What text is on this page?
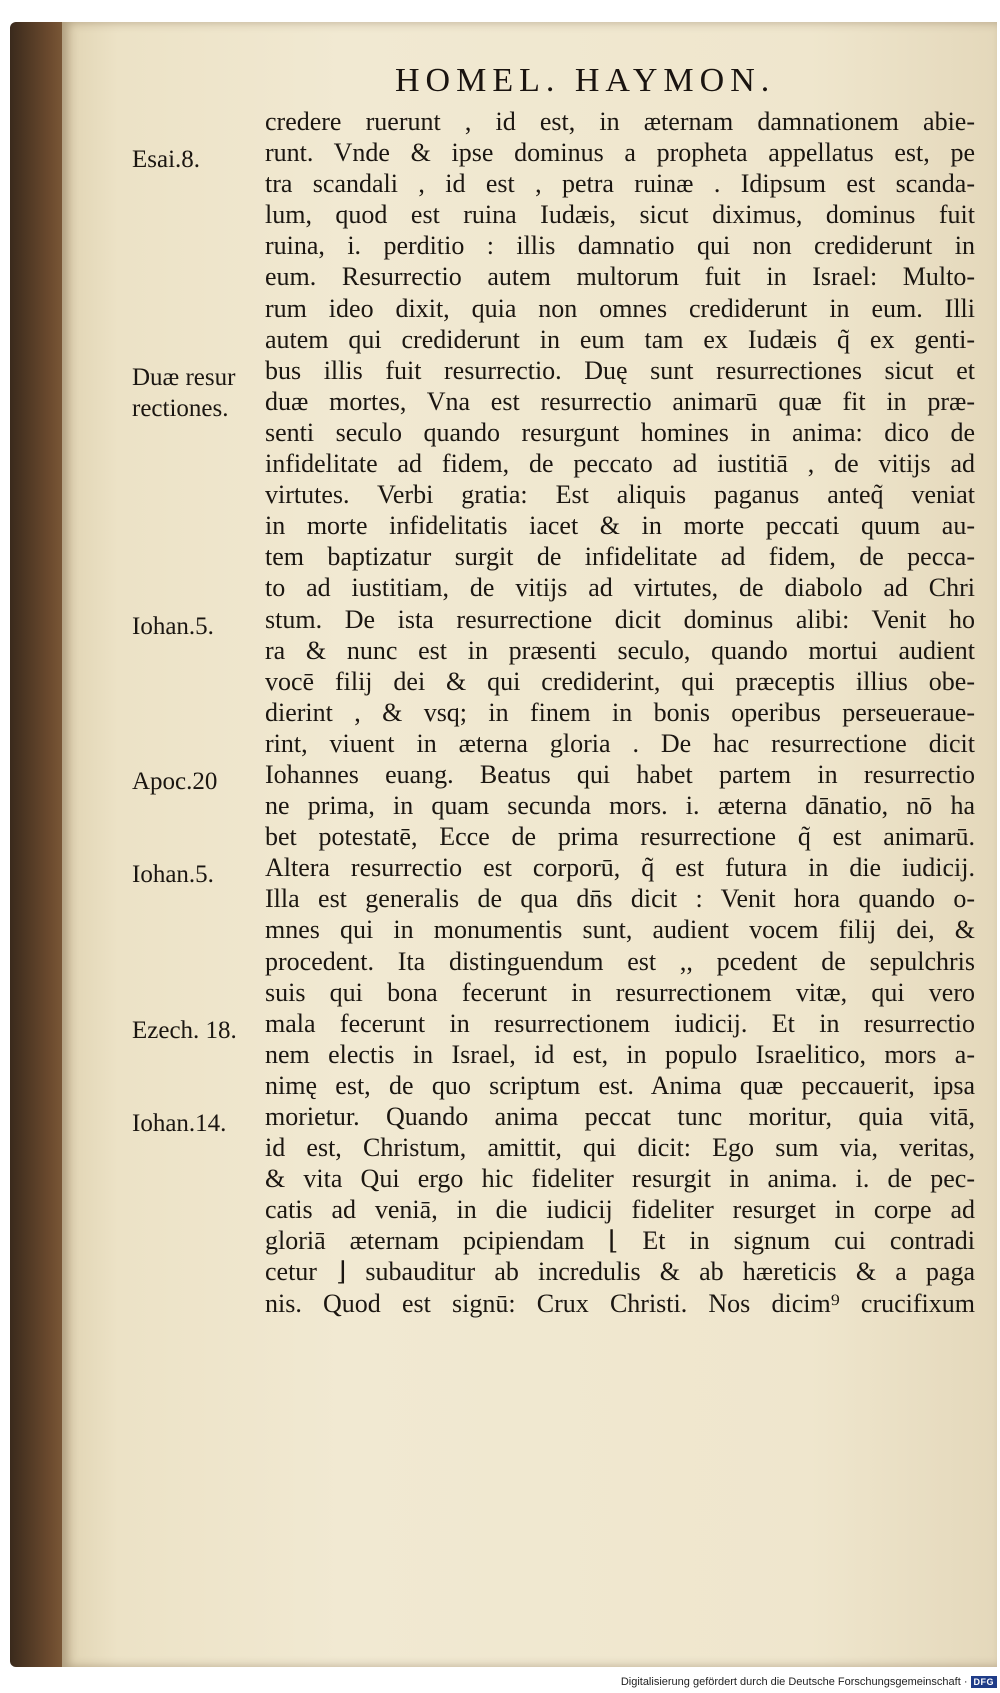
HOMEL. HAYMON.
credere ruerunt , id est, in æternam damnationem abie-
runt. Vnde & ipse dominus a propheta appellatus est, pe
tra scandali , id est , petra ruinæ . Idipsum est scanda-
lum, quod est ruina Iudæis, sicut diximus, dominus fuit
ruina, i. perditio : illis damnatio qui non crediderunt in
eum. Resurrectio autem multorum fuit in Israel: Multo-
rum ideo dixit, quia non omnes crediderunt in eum. Illi
autem qui crediderunt in eum tam ex Iudæis q̃ ex genti-
bus illis fuit resurrectio. Duę sunt resurrectiones sicut et
duæ mortes, Vna est resurrectio animarū quæ fit in præ-
senti seculo quando resurgunt homines in anima: dico de
infidelitate ad fidem, de peccato ad iustitiā , de vitijs ad
virtutes. Verbi gratia: Est aliquis paganus anteq̃ veniat
in morte infidelitatis iacet & in morte peccati quum au-
tem baptizatur surgit de infidelitate ad fidem, de pecca-
to ad iustitiam, de vitijs ad virtutes, de diabolo ad Chri
stum. De ista resurrectione dicit dominus alibi: Venit ho
ra & nunc est in præsenti seculo, quando mortui audient
vocē filij dei & qui crediderint, qui præceptis illius obe-
dierint , & vsq; in finem in bonis operibus perseuerauе-
rint, viuent in æterna gloria . De hac resurrectione dicit
Iohannes euang. Beatus qui habet partem in resurrectio
ne prima, in quam secunda mors. i. æterna dānatio, nō ha
bet potestatē, Ecce de prima resurrectione q̃ est animarū.
Altera resurrectio est corporū, q̃ est futura in die iudicij.
Illa est generalis de qua dn̄s dicit : Venit hora quando o-
mnes qui in monumentis sunt, audient vocem filij dei, &
procedent. Ita distinguendum est ,, pcedent de sepulchris
suis qui bona fecerunt in resurrectionem vitæ, qui vero
mala fecerunt in resurrectionem iudicij. Et in resurrectio
nem electis in Israel, id est, in populo Israelitico, mors a-
nimę est, de quo scriptum est. Anima quæ peccauerit, ipsa
morietur. Quando anima peccat tunc moritur, quia vitā,
id est, Christum, amittit, qui dicit: Ego sum via, veritas,
& vita Qui ergo hic fideliter resurgit in anima. i. de pec-
catis ad veniā, in die iudicij fideliter resurget in corpe ad
gloriā æternam pcipiendam ⌊ Et in signum cui contradi
cetur ⌋ subauditur ab incredulis & ab hæreticis & a paga
nis. Quod est signū: Crux Christi. Nos dicim⁹ crucifixum
Esai.8.
Duæ resur
rectiones.
Iohan.5.
Apoc.20
Iohan.5.
Ezech. 18.
Iohan.14.
Digitalisierung gefördert durch die Deutsche Forschungsgemeinschaft · DFG
